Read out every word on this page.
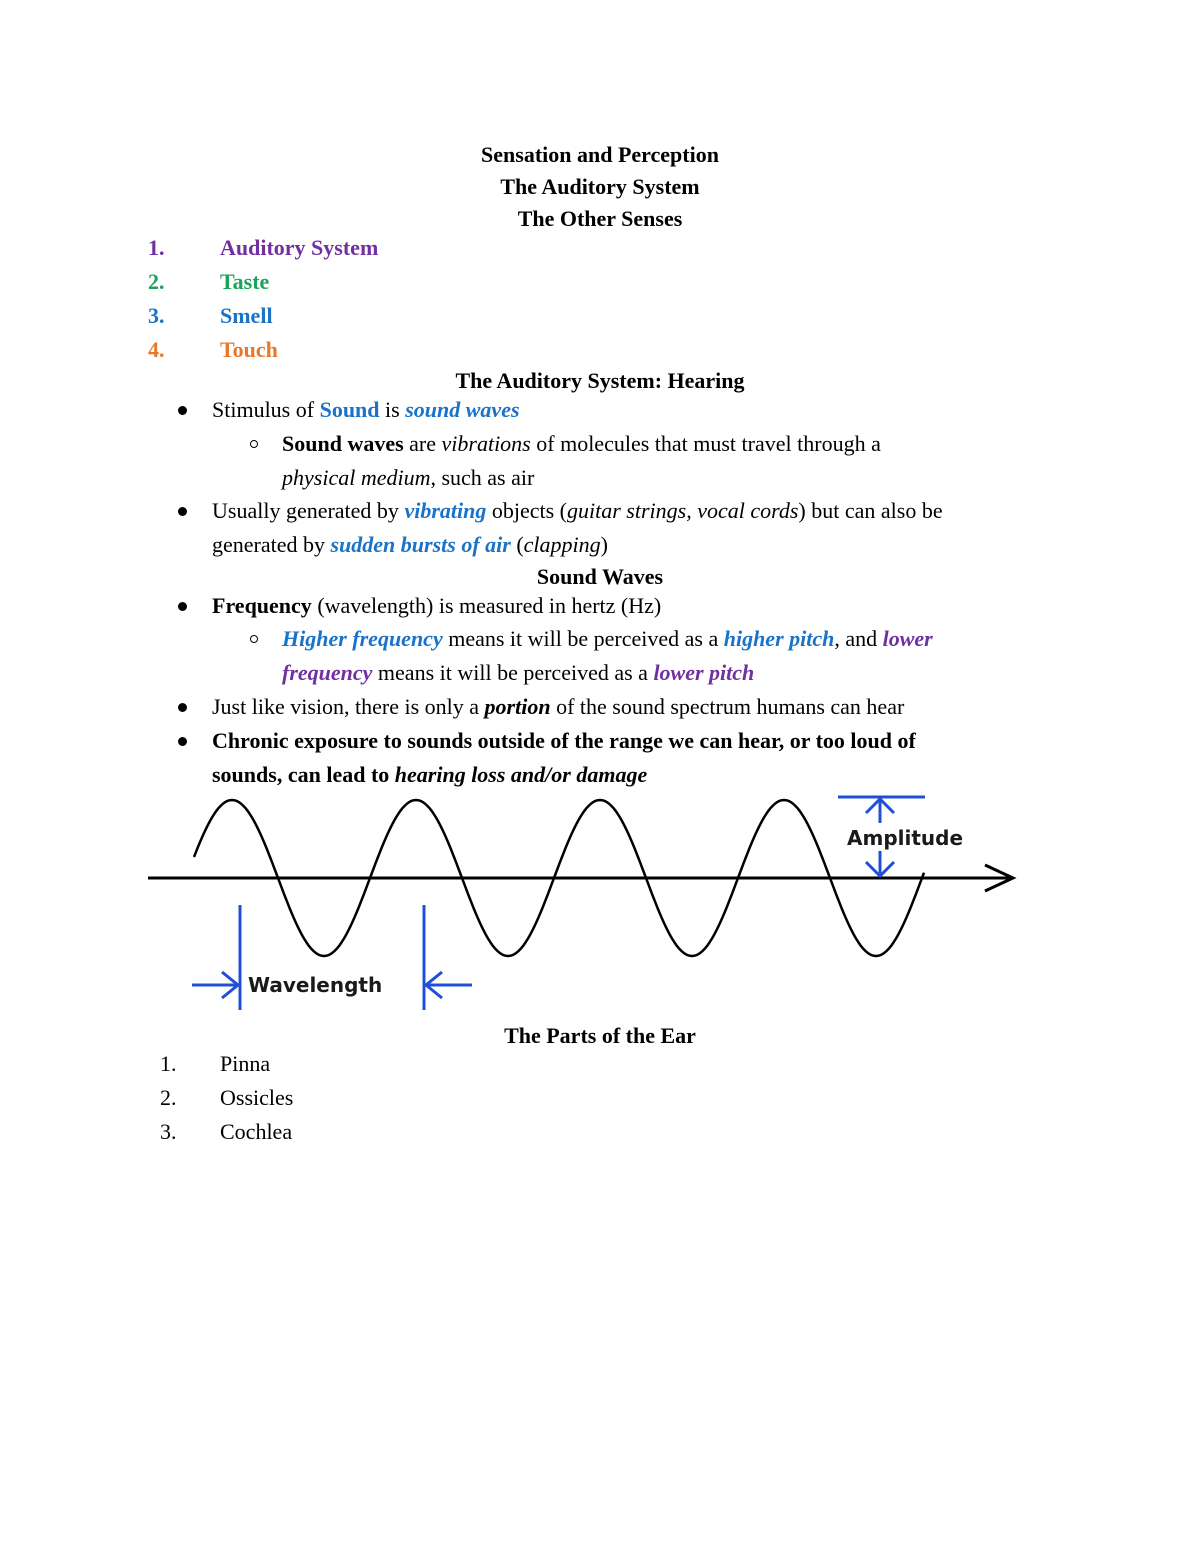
Sensation and Perception
The Auditory System
The Other Senses
1.	Auditory System
2.	Taste
3.	Smell
4.	Touch
The Auditory System: Hearing
Stimulus of Sound is sound waves
Sound waves are vibrations of molecules that must travel through a
physical medium, such as air
Usually generated by vibrating objects (guitar strings, vocal cords) but can also be
generated by sudden bursts of air (clapping)
Sound Waves
Frequency (wavelength) is measured in hertz (Hz)
Higher frequency means it will be perceived as a higher pitch, and lower
frequency means it will be perceived as a lower pitch
Just like vision, there is only a portion of the sound spectrum humans can hear
Chronic exposure to sounds outside of the range we can hear, or too loud of
sounds, can lead to hearing loss and/or damage
Amplitude
Wavelength
The Parts of the Ear
1. Pinna
2. Ossicles
3. Cochlea
